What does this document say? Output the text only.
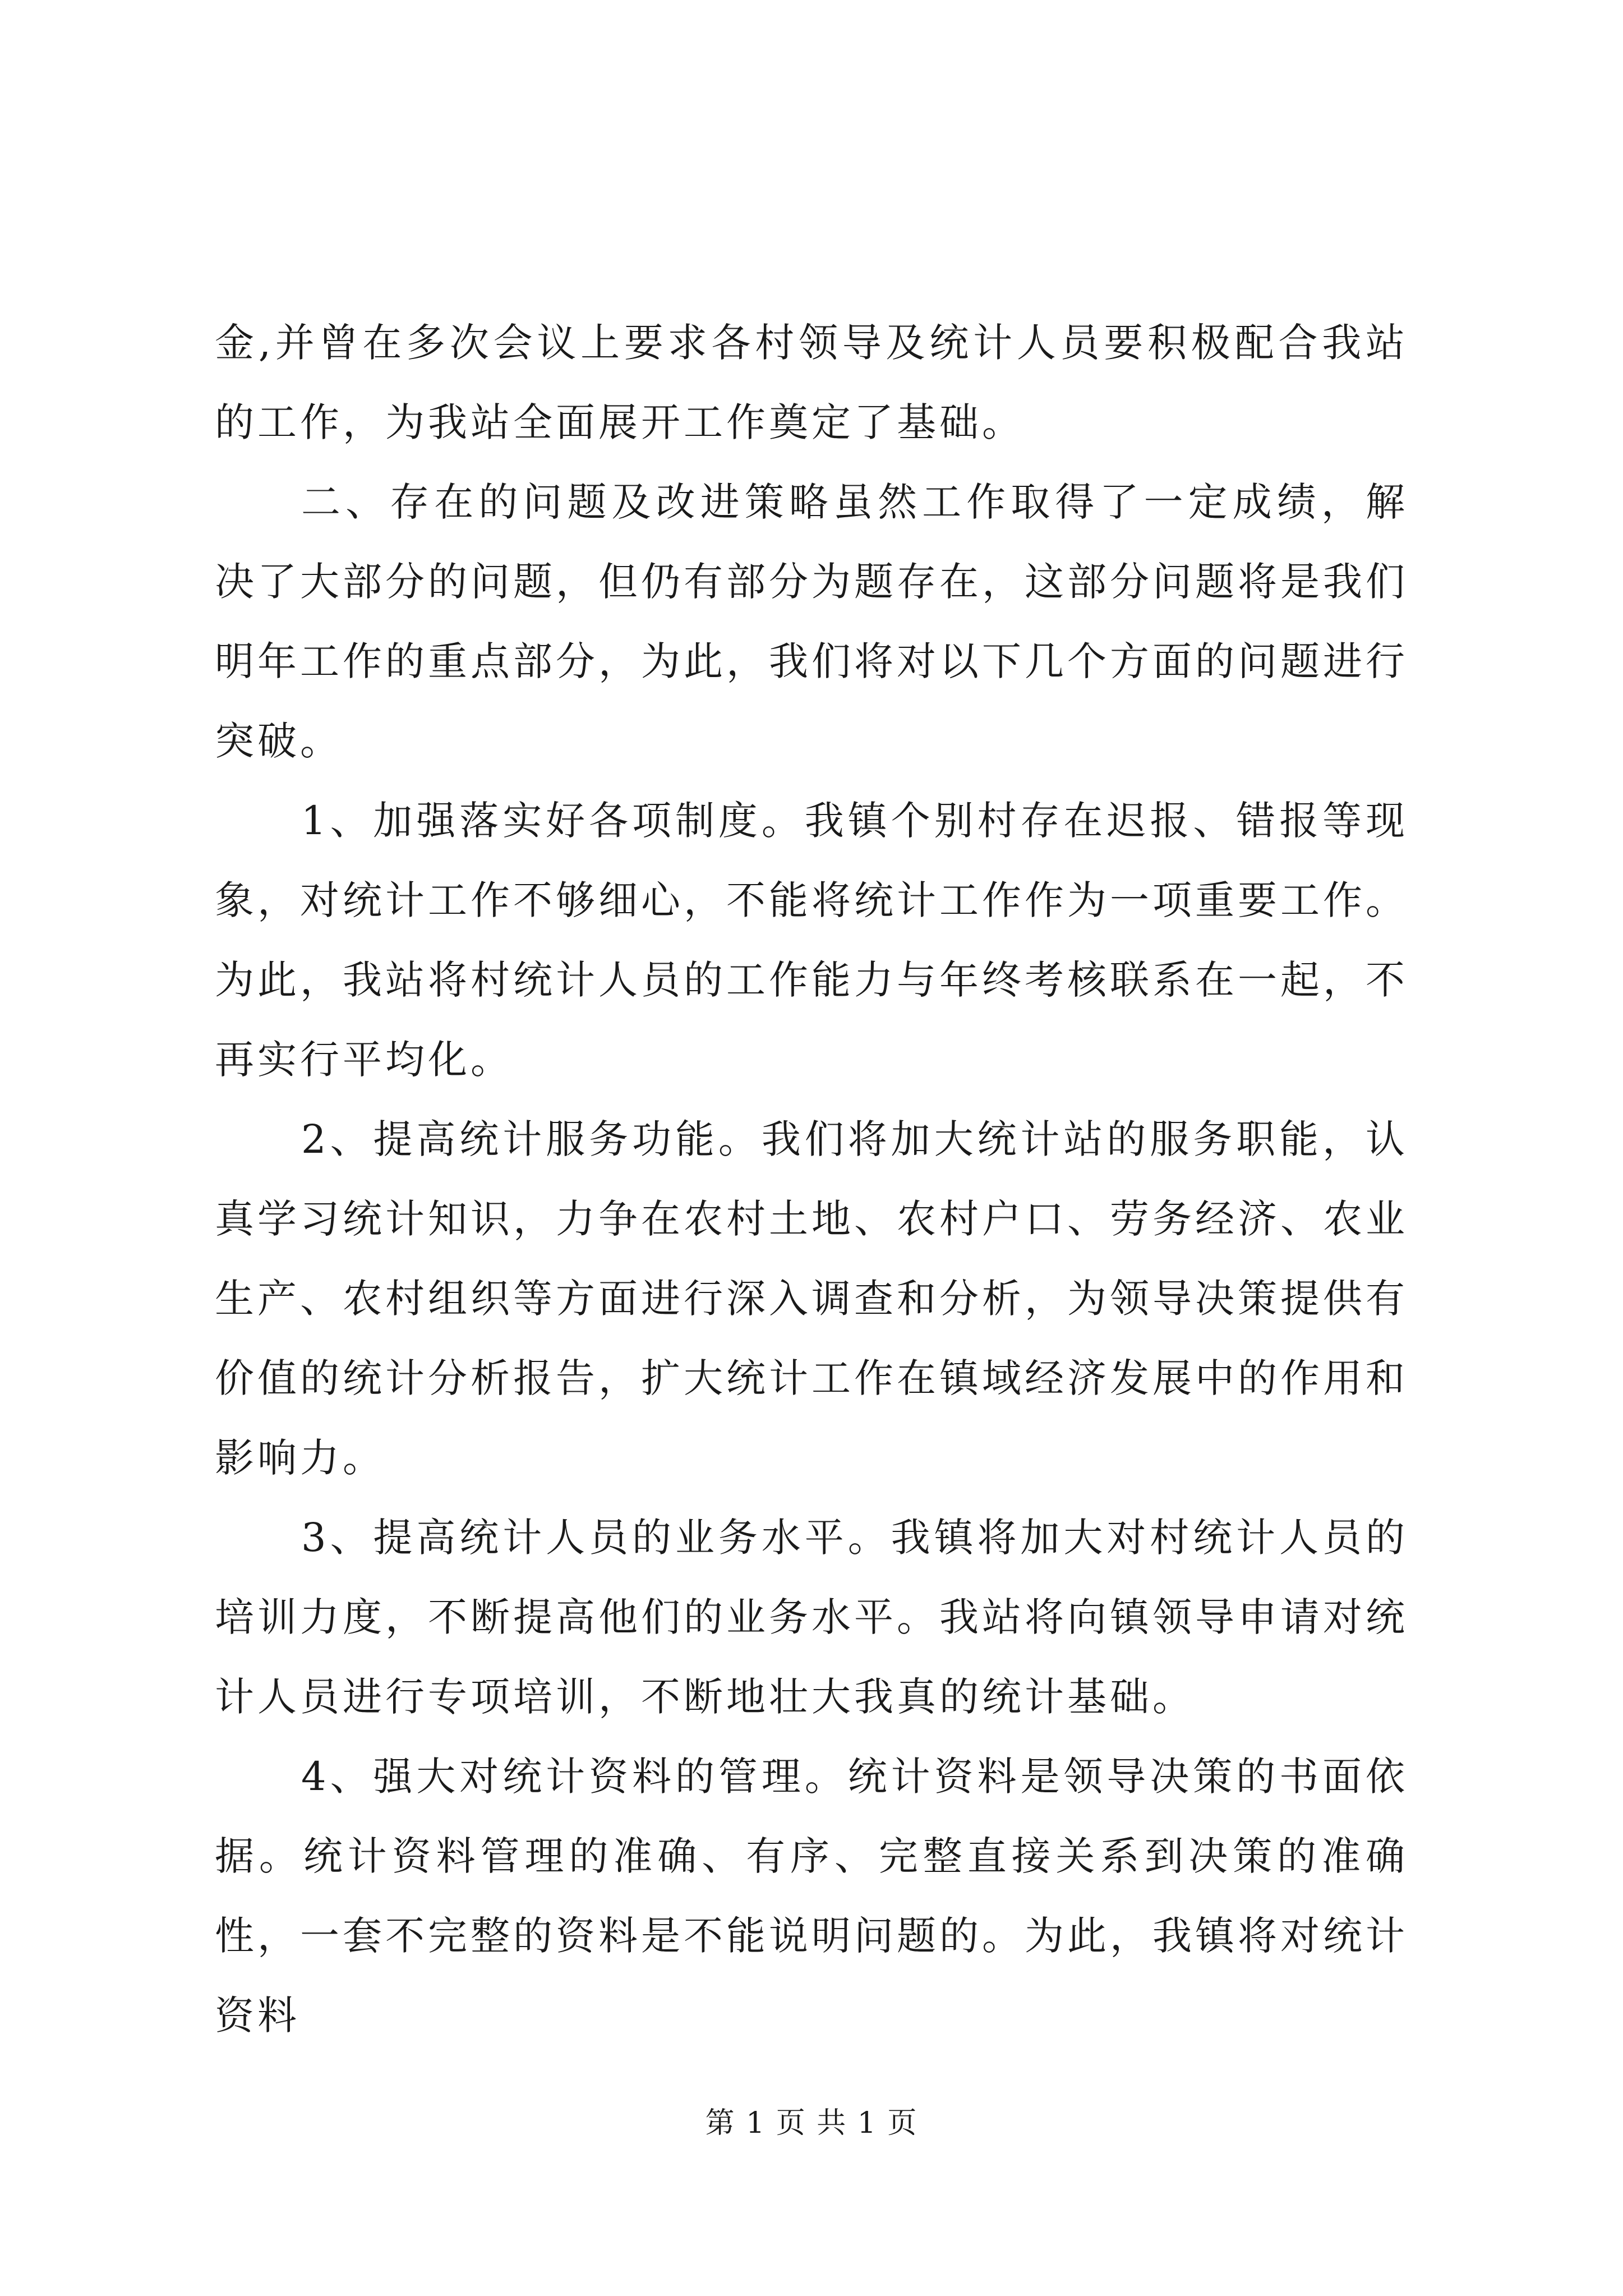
金,并曾在多次会议上要求各村领导及统计人员要积极配合我站的工作，为我站全面展开工作奠定了基础。

二、存在的问题及改进策略虽然工作取得了一定成绩，解决了大部分的问题，但仍有部分为题存在，这部分问题将是我们明年工作的重点部分，为此，我们将对以下几个方面的问题进行突破。

1、加强落实好各项制度。我镇个别村存在迟报、错报等现象，对统计工作不够细心，不能将统计工作作为一项重要工作。为此，我站将村统计人员的工作能力与年终考核联系在一起，不再实行平均化。

2、提高统计服务功能。我们将加大统计站的服务职能，认真学习统计知识，力争在农村土地、农村户口、劳务经济、农业生产、农村组织等方面进行深入调查和分析，为领导决策提供有价值的统计分析报告，扩大统计工作在镇域经济发展中的作用和影响力。

3、提高统计人员的业务水平。我镇将加大对村统计人员的培训力度，不断提高他们的业务水平。我站将向镇领导申请对统计人员进行专项培训，不断地壮大我真的统计基础。

4、强大对统计资料的管理。统计资料是领导决策的书面依据。统计资料管理的准确、有序、完整直接关系到决策的准确性，一套不完整的资料是不能说明问题的。为此，我镇将对统计资料

第 1 页 共 1 页
